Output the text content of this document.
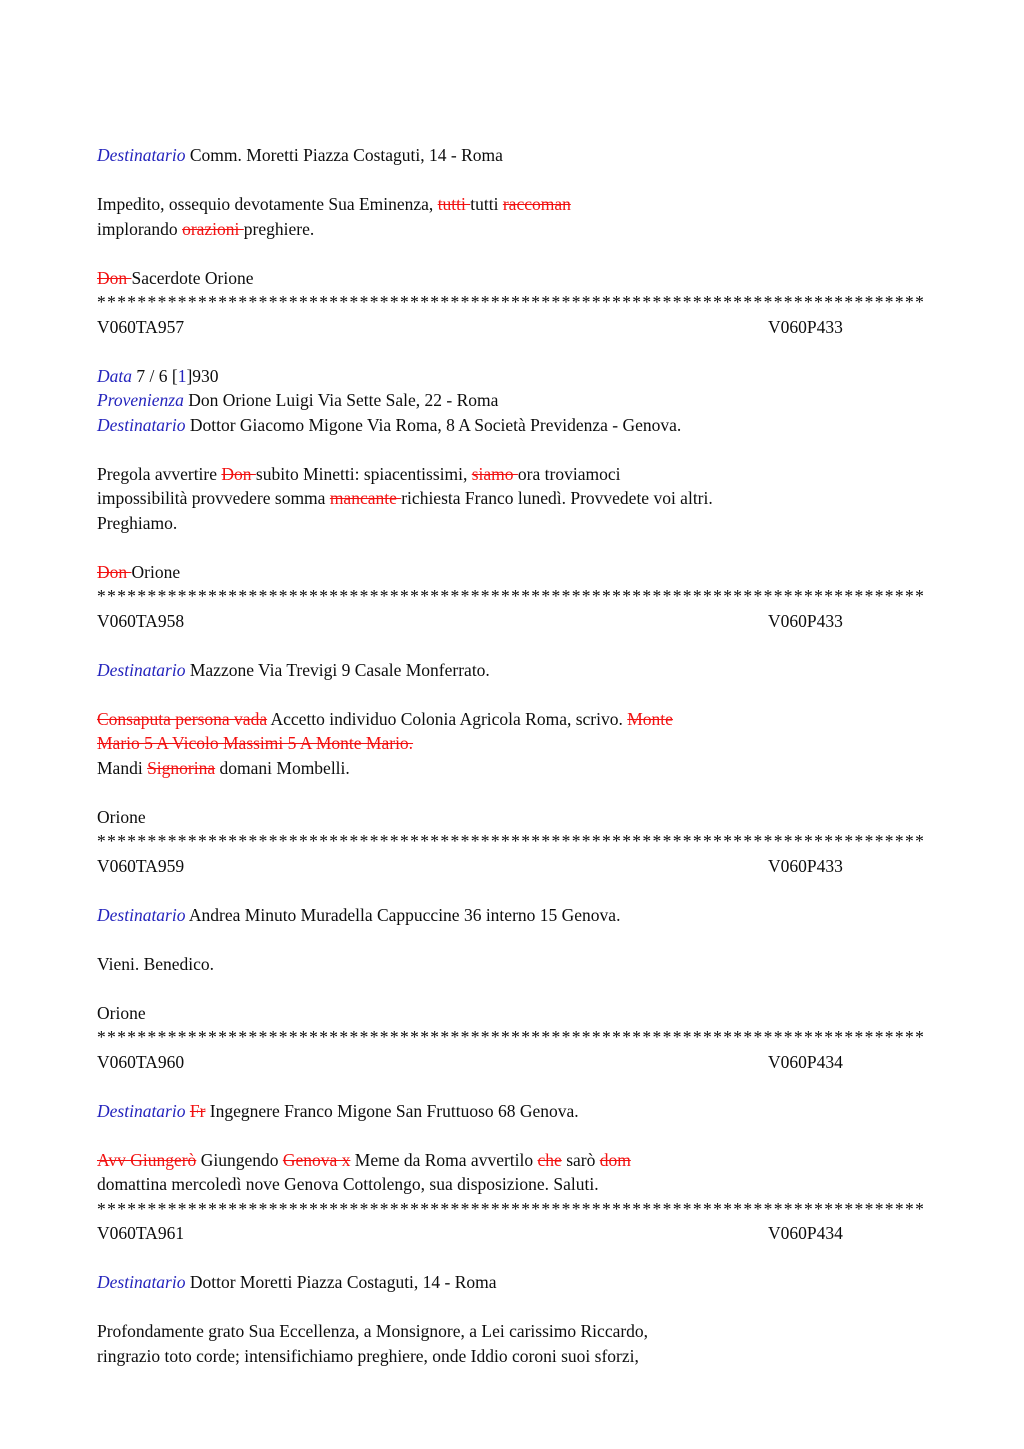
Destinatario Comm. Moretti Piazza Costaguti, 14 - Roma
Impedito, ossequio devotamente Sua Eminenza, tutti tutti raccoman
implorando orazioni preghiere.
Don Sacerdote Orione
**********************************************************************************
V060TA957	V060P433
Data 7 / 6 [1]930
Provenienza Don Orione Luigi Via Sette Sale, 22 - Roma
Destinatario Dottor Giacomo Migone Via Roma, 8 A Società Previdenza - Genova.
Pregola avvertire Don subito Minetti: spiacentissimi, siamo ora troviamoci
impossibilità provvedere somma mancante richiesta Franco lunedì. Provvedete voi altri.
Preghiamo.
Don Orione
**********************************************************************************
V060TA958	V060P433
Destinatario Mazzone Via Trevigi 9 Casale Monferrato.
Consaputa persona vada Accetto individuo Colonia Agricola Roma, scrivo. Monte
Mario 5 A Vicolo Massimi 5 A Monte Mario.
Mandi Signorina domani Mombelli.
Orione
**********************************************************************************
V060TA959	V060P433
Destinatario Andrea Minuto Muradella Cappuccine 36 interno 15 Genova.
Vieni. Benedico.
Orione
**********************************************************************************
V060TA960	V060P434
Destinatario Fr Ingegnere Franco Migone San Fruttuoso 68 Genova.
Avv Giungerò Giungendo Genova x Meme da Roma avvertilo che sarò dom
domattina mercoledì nove Genova Cottolengo, sua disposizione. Saluti.
**********************************************************************************
V060TA961	V060P434
Destinatario Dottor Moretti Piazza Costaguti, 14 - Roma
Profondamente grato Sua Eccellenza, a Monsignore, a Lei carissimo Riccardo,
ringrazio toto corde; intensifichiamo preghiere, onde Iddio coroni suoi sforzi,
